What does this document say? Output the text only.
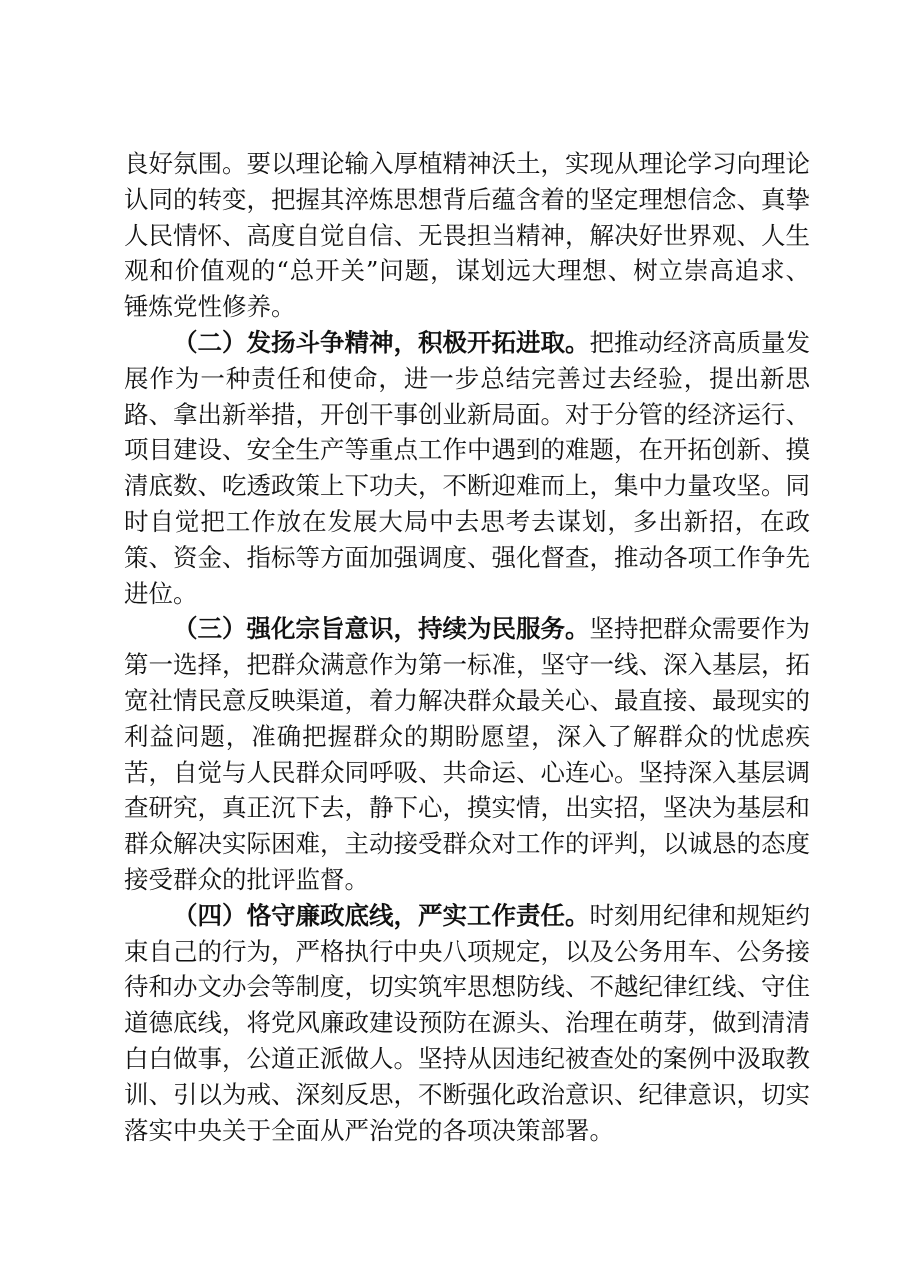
良好氛围。要以理论输入厚植精神沃土，实现从理论学习向理论认同的转变，把握其淬炼思想背后蕴含着的坚定理想信念、真挚人民情怀、高度自觉自信、无畏担当精神，解决好世界观、人生观和价值观的“总开关”问题，谋划远大理想、树立崇高追求、锤炼党性修养。

（二）发扬斗争精神，积极开拓进取。把推动经济高质量发展作为一种责任和使命，进一步总结完善过去经验，提出新思路、拿出新举措，开创干事创业新局面。对于分管的经济运行、项目建设、安全生产等重点工作中遇到的难题，在开拓创新、摸清底数、吃透政策上下功夫，不断迎难而上，集中力量攻坚。同时自觉把工作放在发展大局中去思考去谋划，多出新招，在政策、资金、指标等方面加强调度、强化督查，推动各项工作争先进位。

（三）强化宗旨意识，持续为民服务。坚持把群众需要作为第一选择，把群众满意作为第一标准，坚守一线、深入基层，拓宽社情民意反映渠道，着力解决群众最关心、最直接、最现实的利益问题，准确把握群众的期盼愿望，深入了解群众的忧虑疾苦，自觉与人民群众同呼吸、共命运、心连心。坚持深入基层调查研究，真正沉下去，静下心，摸实情，出实招，坚决为基层和群众解决实际困难，主动接受群众对工作的评判，以诚恳的态度接受群众的批评监督。

（四）恪守廉政底线，严实工作责任。时刻用纪律和规矩约束自己的行为，严格执行中央八项规定，以及公务用车、公务接待和办文办会等制度，切实筑牢思想防线、不越纪律红线、守住道德底线，将党风廉政建设预防在源头、治理在萌芽，做到清清白白做事，公道正派做人。坚持从因违纪被查处的案例中汲取教训、引以为戒、深刻反思，不断强化政治意识、纪律意识，切实落实中央关于全面从严治党的各项决策部署。
